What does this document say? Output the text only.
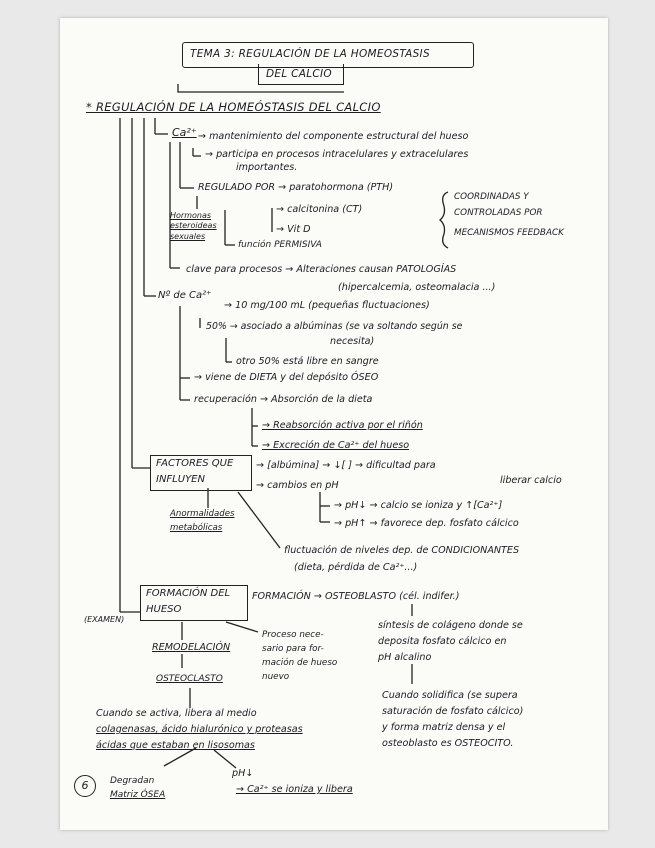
TEMA 3: REGULACIÓN DE LA HOMEOSTASIS
DEL CALCIO
* REGULACIÓN DE LA HOMEÓSTASIS DEL CALCIO
Ca²⁺ → mantenimiento del componente estructural del hueso
→ participa en procesos intracelulares y extracelulares
importantes.
REGULADO POR → paratohormona (PTH)
Hormonas esteroideas sexuales
→ calcitonina (CT)
→ Vit D
función PERMISIVA
COORDINADAS Y
CONTROLADAS POR
MECANISMOS FEEDBACK
clave para procesos → Alteraciones causan PATOLOGÍAS
(hipercalcemia, osteomalacia ...)
Nº de Ca²⁺
→ 10 mg/100 mL (pequeñas fluctuaciones)
50% → asociado a albúminas (se va soltando según se
necesita)
otro 50% está libre en sangre
→ viene de DIETA y del depósito ÓSEO
recuperación → Absorción de la dieta
→ Reabsorción activa por el riñón
→ Excreción de Ca²⁺ del hueso
FACTORES QUE
INFLUYEN
→ [albúmina] → ↓[ ] → dificultad para
liberar calcio
→ cambios en pH
Anormalidades
metabólicas
→ pH↓ → calcio se ioniza y ↑[Ca²⁺]
→ pH↑ → favorece dep. fosfato cálcico
fluctuación de niveles dep. de CONDICIONANTES
(dieta, pérdida de Ca²⁺...)
FORMACIÓN DEL
HUESO
(EXAMEN)
FORMACIÓN → OSTEOBLASTO (cél. indifer.)
REMODELACIÓN
Proceso nece-
sario para for-
mación de hueso
nuevo
OSTEOCLASTO
síntesis de colágeno donde se
deposita fosfato cálcico en
pH alcalino
Cuando solidifica (se supera
saturación de fosfato cálcico)
y forma matriz densa y el
osteoblasto es OSTEOCITO.
Cuando se activa, libera al medio
colagenasas, ácido hialurónico y proteasas
ácidas que estaban en lisosomas
Degradan
Matriz ÓSEA
pH↓
→ Ca²⁺ se ioniza y libera
6
